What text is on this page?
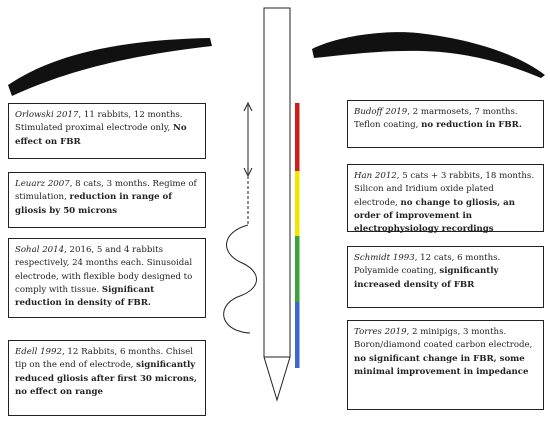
Orlowski 2017, 11 rabbits, 12 months. Stimulated proximal electrode only, No effect on FBR
Leuarz 2007, 8 cats, 3 months. Regime of stimulation, reduction in range of gliosis by 50 microns
Sohal 2014, 2016, 5 and 4 rabbits respectively, 24 months each. Sinusoidal electrode, with flexible body designed to comply with tissue. Significant reduction in density of FBR.
Edell 1992, 12 Rabbits, 6 months. Chisel tip on the end of electrode, significantly reduced gliosis after first 30 microns, no effect on range
Budoff 2019, 2 marmosets, 7 months. Teflon coating, no reduction in FBR.
Han 2012, 5 cats + 3 rabbits, 18 months. Silicon and Iridium oxide plated electrode, no change to gliosis, an order of improvement in electrophysiology recordings
Schmidt 1993, 12 cats, 6 months. Polyamide coating, significantly increased density of FBR
Torres 2019, 2 minipigs, 3 months. Boron/diamond coated carbon electrode, no significant change in FBR, some minimal improvement in impedance
